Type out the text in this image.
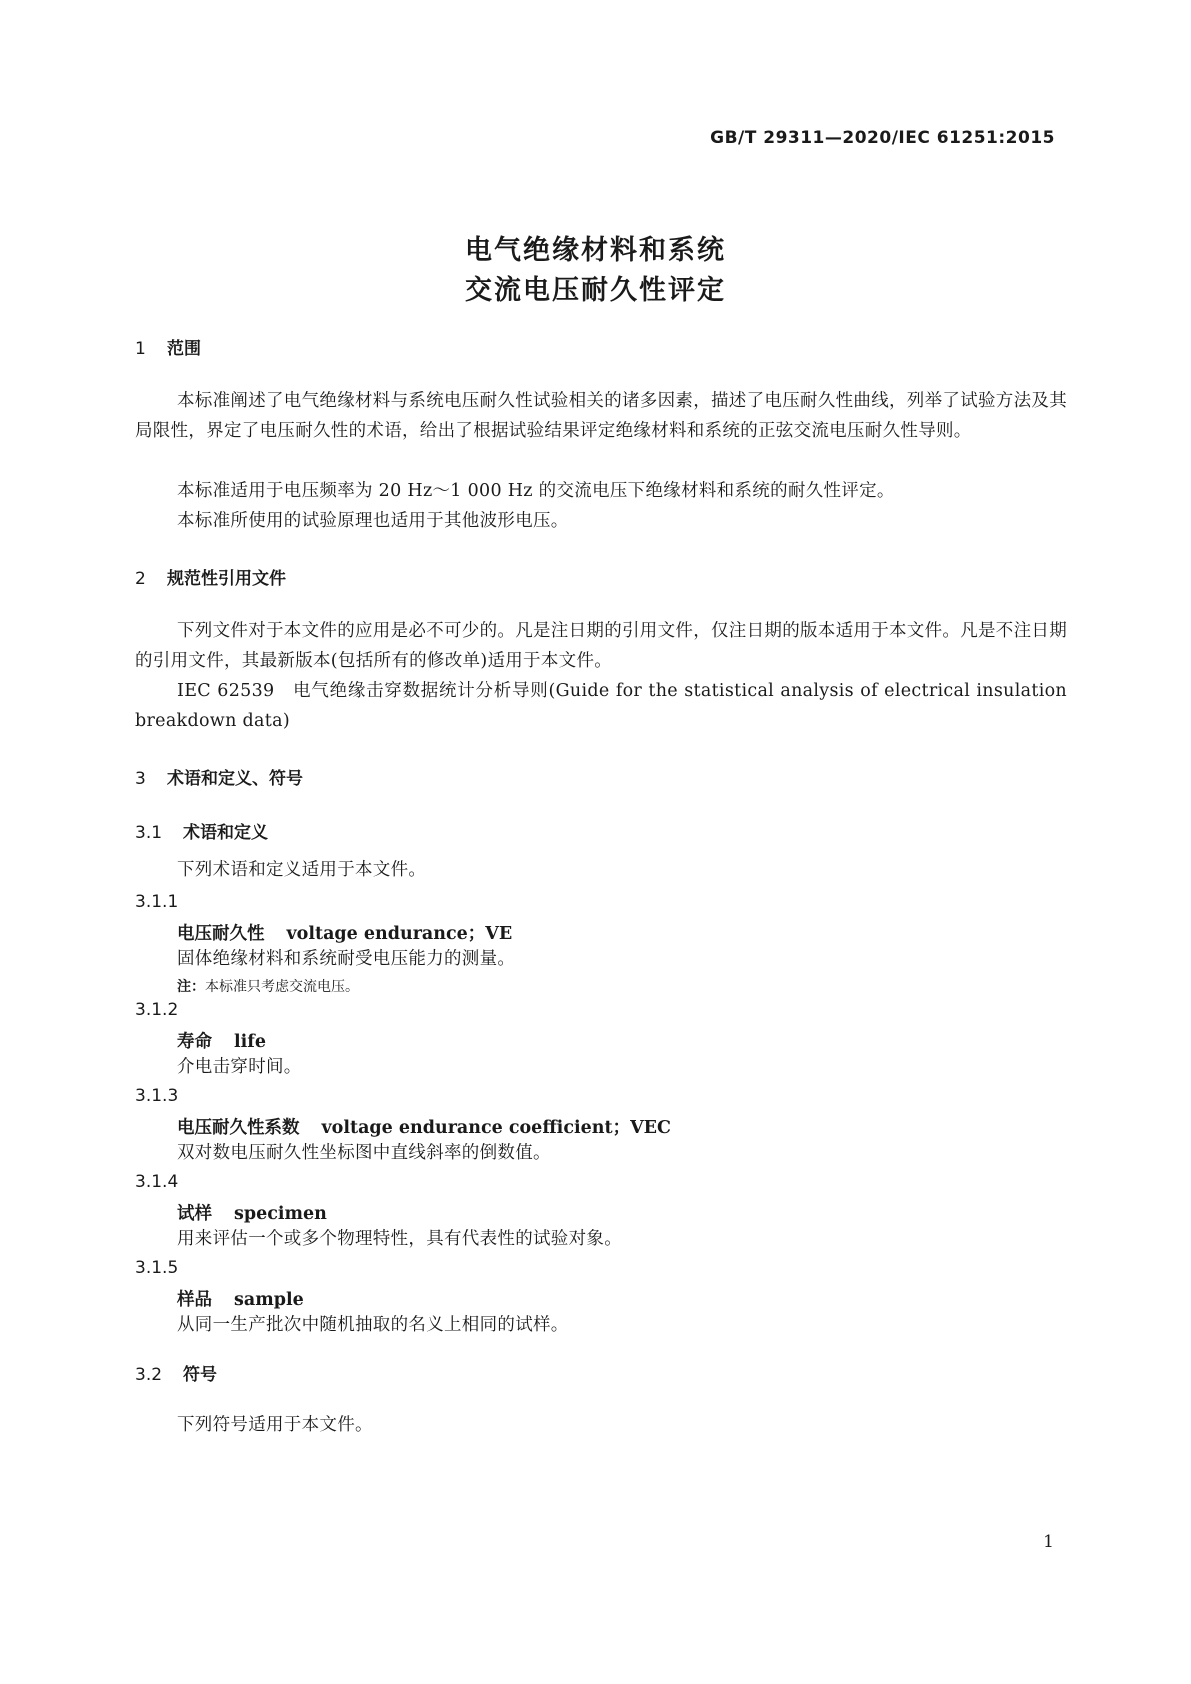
GB/T 29311—2020/IEC 61251:2015
电气绝缘材料和系统
交流电压耐久性评定
1 范围
本标准阐述了电气绝缘材料与系统电压耐久性试验相关的诸多因素，描述了电压耐久性曲线，列举了试验方法及其局限性，界定了电压耐久性的术语，给出了根据试验结果评定绝缘材料和系统的正弦交流电压耐久性导则。
本标准适用于电压频率为 20 Hz～1 000 Hz 的交流电压下绝缘材料和系统的耐久性评定。
本标准所使用的试验原理也适用于其他波形电压。
2 规范性引用文件
下列文件对于本文件的应用是必不可少的。凡是注日期的引用文件，仅注日期的版本适用于本文件。凡是不注日期的引用文件，其最新版本(包括所有的修改单)适用于本文件。
IEC 62539　电气绝缘击穿数据统计分析导则(Guide for the statistical analysis of electrical insulation breakdown data)
3 术语和定义、符号
3.1 术语和定义
下列术语和定义适用于本文件。
3.1.1
电压耐久性 voltage endurance；VE
固体绝缘材料和系统耐受电压能力的测量。
注：本标准只考虑交流电压。
3.1.2
寿命 life
介电击穿时间。
3.1.3
电压耐久性系数 voltage endurance coefficient；VEC
双对数电压耐久性坐标图中直线斜率的倒数值。
3.1.4
试样 specimen
用来评估一个或多个物理特性，具有代表性的试验对象。
3.1.5
样品 sample
从同一生产批次中随机抽取的名义上相同的试样。
3.2 符号
下列符号适用于本文件。
1
